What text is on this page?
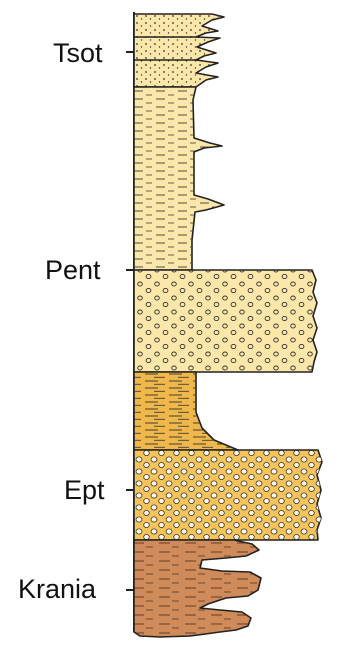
Tsot
Pent
Ept
Krania
